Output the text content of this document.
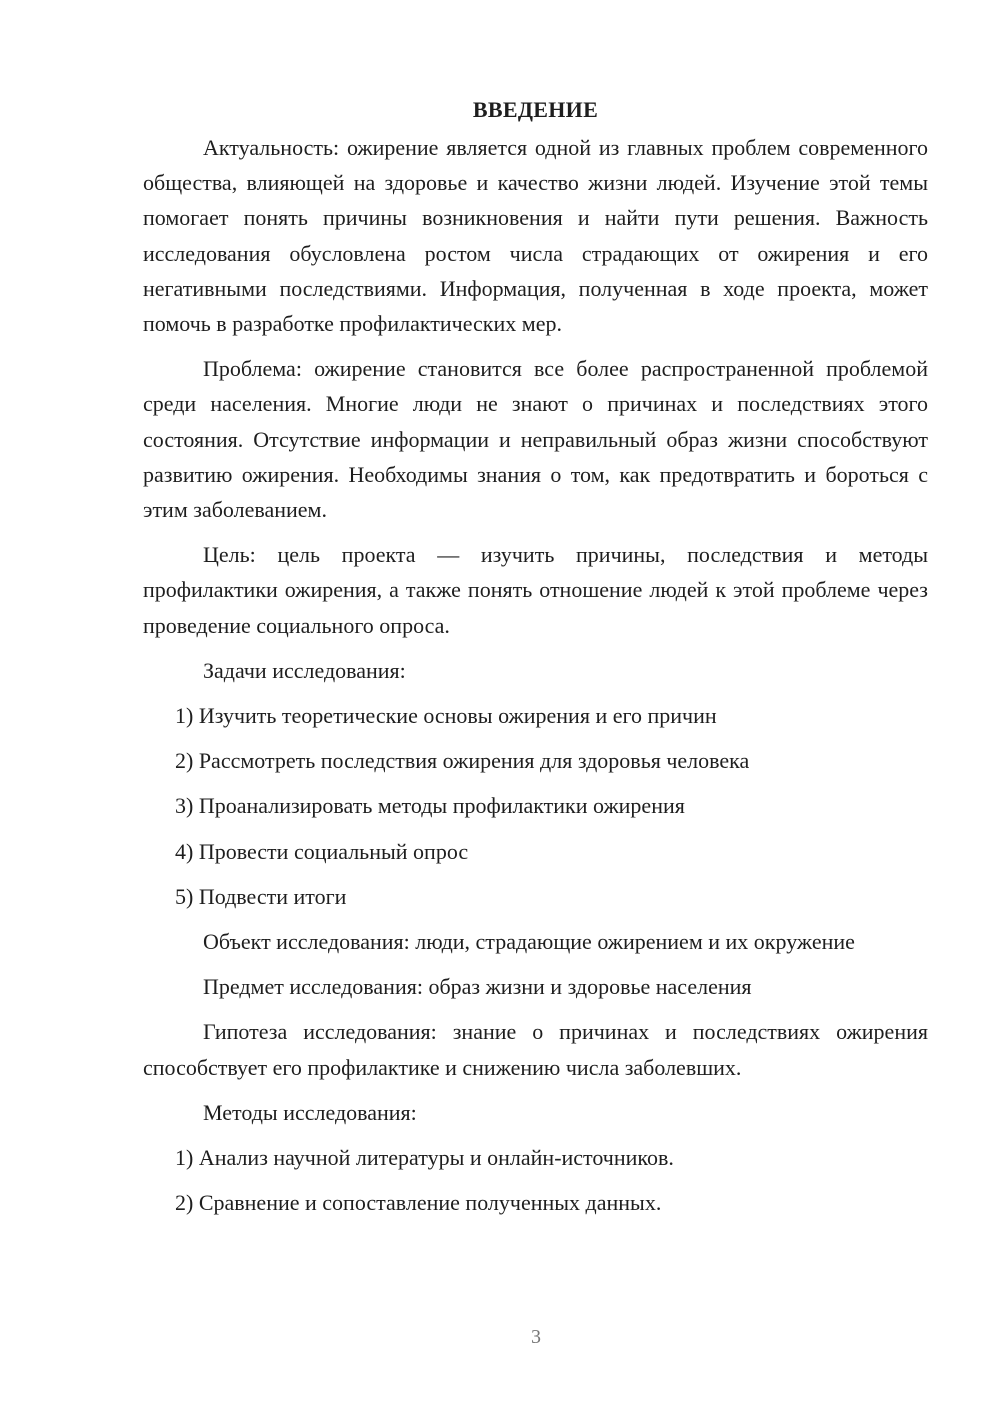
ВВЕДЕНИЕ

Актуальность: ожирение является одной из главных проблем современного общества, влияющей на здоровье и качество жизни людей. Изучение этой темы помогает понять причины возникновения и найти пути решения. Важность исследования обусловлена ростом числа страдающих от ожирения и его негативными последствиями. Информация, полученная в ходе проекта, может помочь в разработке профилактических мер.

Проблема: ожирение становится все более распространенной проблемой среди населения. Многие люди не знают о причинах и последствиях этого состояния. Отсутствие информации и неправильный образ жизни способствуют развитию ожирения. Необходимы знания о том, как предотвратить и бороться с этим заболеванием.

Цель: цель проекта — изучить причины, последствия и методы профилактики ожирения, а также понять отношение людей к этой проблеме через проведение социального опроса.

Задачи исследования:

1) Изучить теоретические основы ожирения и его причин

2) Рассмотреть последствия ожирения для здоровья человека

3) Проанализировать методы профилактики ожирения

4) Провести социальный опрос

5) Подвести итоги

Объект исследования: люди, страдающие ожирением и их окружение

Предмет исследования: образ жизни и здоровье населения

Гипотеза исследования: знание о причинах и последствиях ожирения способствует его профилактике и снижению числа заболевших.

Методы исследования:

1) Анализ научной литературы и онлайн-источников.

2) Сравнение и сопоставление полученных данных.

3
